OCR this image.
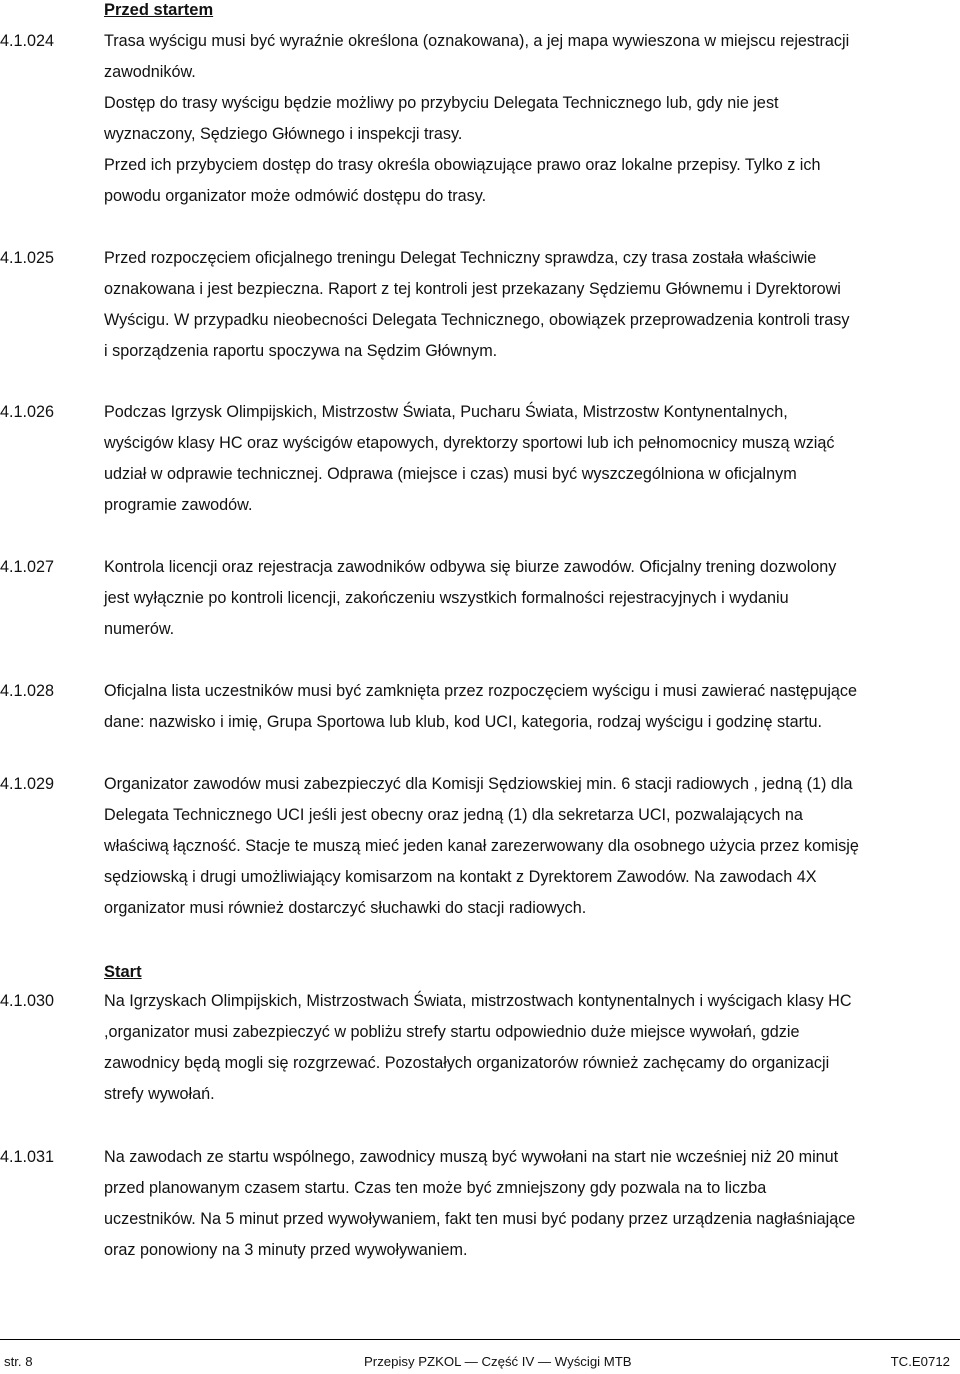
Przed startem
4.1.024	Trasa wyścigu musi być wyraźnie określona (oznakowana), a jej mapa wywieszona w miejscu rejestracji
zawodników.
Dostęp do trasy wyścigu będzie możliwy po przybyciu Delegata Technicznego lub, gdy nie jest
wyznaczony, Sędziego Głównego i inspekcji trasy.
Przed ich przybyciem dostęp do trasy określa obowiązujące prawo oraz lokalne przepisy. Tylko z ich
powodu organizator może odmówić dostępu do trasy.

4.1.025	Przed rozpoczęciem oficjalnego treningu Delegat Techniczny sprawdza, czy trasa została właściwie
oznakowana i jest bezpieczna. Raport z tej kontroli jest przekazany Sędziemu Głównemu i Dyrektorowi
Wyścigu. W przypadku nieobecności Delegata Technicznego, obowiązek przeprowadzenia kontroli trasy
i sporządzenia raportu spoczywa na Sędzim Głównym.

4.1.026	Podczas Igrzysk Olimpijskich, Mistrzostw Świata, Pucharu Świata, Mistrzostw Kontynentalnych,
wyścigów klasy HC oraz wyścigów etapowych, dyrektorzy sportowi lub ich pełnomocnicy muszą wziąć
udział w odprawie technicznej. Odprawa (miejsce i czas) musi być wyszczególniona w oficjalnym
programie zawodów.

4.1.027	Kontrola licencji oraz rejestracja zawodników odbywa się biurze zawodów. Oficjalny trening dozwolony
jest wyłącznie po kontroli licencji, zakończeniu wszystkich formalności rejestracyjnych i wydaniu
numerów.

4.1.028	Oficjalna lista uczestników musi być zamknięta przez rozpoczęciem wyścigu i musi zawierać następujące
dane: nazwisko i imię, Grupa Sportowa lub klub, kod UCI, kategoria, rodzaj wyścigu i godzinę startu.

4.1.029	Organizator zawodów musi zabezpieczyć dla Komisji Sędziowskiej min. 6 stacji radiowych , jedną (1) dla
Delegata Technicznego UCI jeśli jest obecny oraz jedną (1) dla sekretarza UCI, pozwalających na
właściwą łączność. Stacje te muszą mieć jeden kanał zarezerwowany dla osobnego użycia przez komisję
sędziowską i drugi umożliwiający komisarzom na kontakt z Dyrektorem Zawodów. Na zawodach 4X
organizator musi również dostarczyć słuchawki do stacji radiowych.

Start
4.1.030	Na Igrzyskach Olimpijskich, Mistrzostwach Świata, mistrzostwach kontynentalnych i wyścigach klasy HC
,organizator musi zabezpieczyć w pobliżu strefy startu odpowiednio duże miejsce wywołań, gdzie
zawodnicy będą mogli się rozgrzewać. Pozostałych organizatorów również zachęcamy do organizacji
strefy wywołań.

4.1.031	Na zawodach ze startu wspólnego, zawodnicy muszą być wywołani na start nie wcześniej niż 20 minut
przed planowanym czasem startu. Czas ten może być zmniejszony gdy pozwala na to liczba
uczestników. Na 5 minut przed wywoływaniem, fakt ten musi być podany przez urządzenia nagłaśniające
oraz ponowiony na 3 minuty przed wywoływaniem.

str. 8	Przepisy PZKOL — Część IV — Wyścigi MTB	TC.E0712
